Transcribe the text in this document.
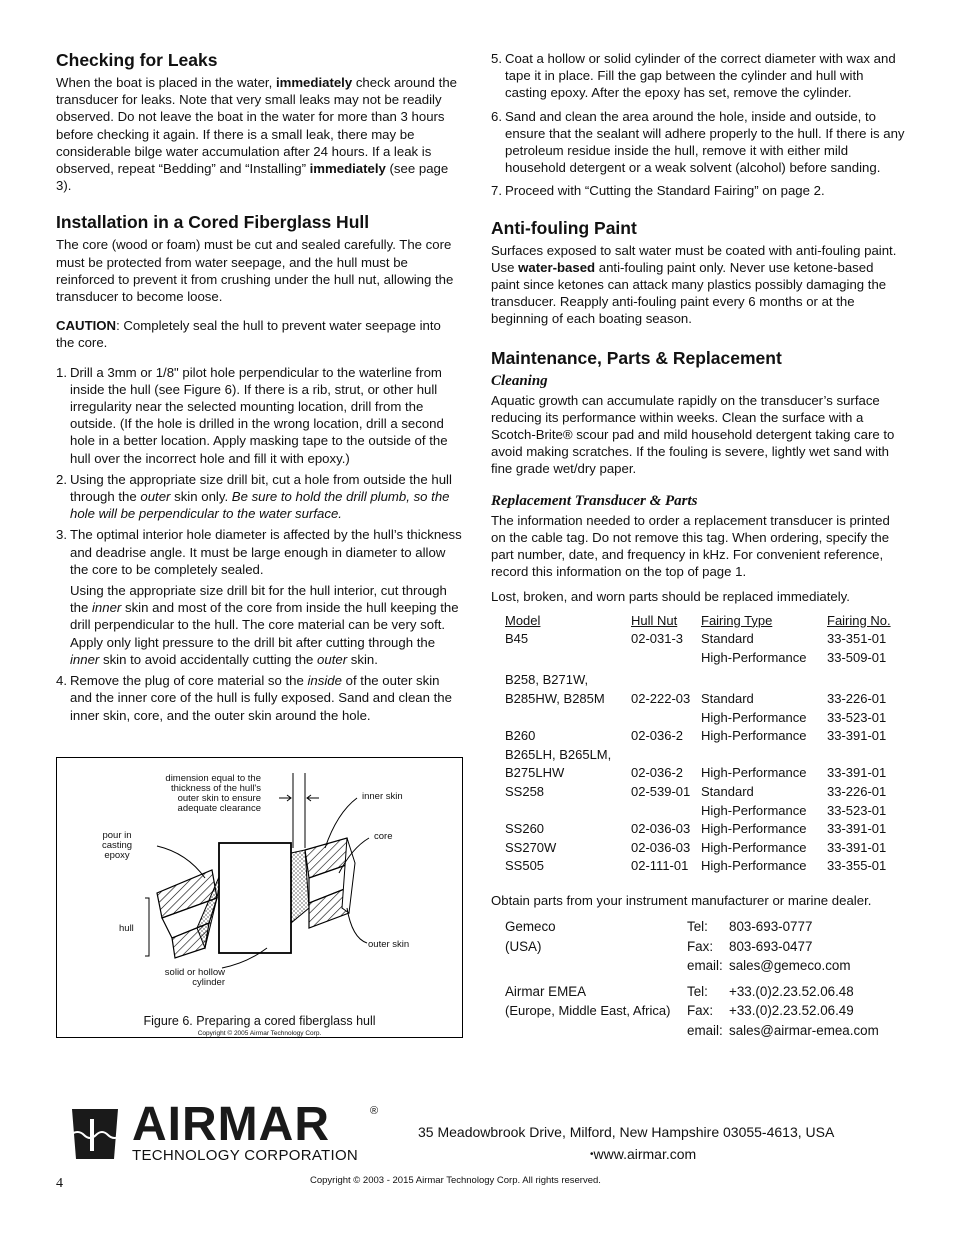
Checking for Leaks

When the boat is placed in the water, immediately check around the transducer for leaks. Note that very small leaks may not be readily observed. Do not leave the boat in the water for more than 3 hours before checking it again. If there is a small leak, there may be considerable bilge water accumulation after 24 hours. If a leak is observed, repeat “Bedding” and “Installing” immediately (see page 3).

Installation in a Cored Fiberglass Hull

The core (wood or foam) must be cut and sealed carefully. The core must be protected from water seepage, and the hull must be reinforced to prevent it from crushing under the hull nut, allowing the transducer to become loose.

CAUTION: Completely seal the hull to prevent water seepage into the core.

1. Drill a 3mm or 1/8" pilot hole perpendicular to the waterline from inside the hull (see Figure 6). If there is a rib, strut, or other hull irregularity near the selected mounting location, drill from the outside. (If the hole is drilled in the wrong location, drill a second hole in a better location. Apply masking tape to the outside of the hull over the incorrect hole and fill it with epoxy.)
2. Using the appropriate size drill bit, cut a hole from outside the hull through the outer skin only. Be sure to hold the drill plumb, so the hole will be perpendicular to the water surface.
3. The optimal interior hole diameter is affected by the hull’s thickness and deadrise angle. It must be large enough in diameter to allow the core to be completely sealed.
Using the appropriate size drill bit for the hull interior, cut through the inner skin and most of the core from inside the hull keeping the drill perpendicular to the hull. The core material can be very soft. Apply only light pressure to the drill bit after cutting through the inner skin to avoid accidentally cutting the outer skin.
4. Remove the plug of core material so the inside of the outer skin and the inner core of the hull is fully exposed. Sand and clean the inner skin, core, and the outer skin around the hole.
dimension equal to the thickness of the hull's outer skin to ensure adequate clearance
inner skin
core
pour in casting epoxy
hull
outer skin
solid or hollow cylinder
Figure 6. Preparing a cored fiberglass hull
Copyright © 2005 Airmar Technology Corp.
5. Coat a hollow or solid cylinder of the correct diameter with wax and tape it in place. Fill the gap between the cylinder and hull with casting epoxy. After the epoxy has set, remove the cylinder.
6. Sand and clean the area around the hole, inside and outside, to ensure that the sealant will adhere properly to the hull. If there is any petroleum residue inside the hull, remove it with either mild household detergent or a weak solvent (alcohol) before sanding.
7. Proceed with “Cutting the Standard Fairing” on page 2.
Anti-fouling Paint

Surfaces exposed to salt water must be coated with anti-fouling paint. Use water-based anti-fouling paint only. Never use ketone-based paint since ketones can attack many plastics possibly damaging the transducer. Reapply anti-fouling paint every 6 months or at the beginning of each boating season.

Maintenance, Parts & Replacement
Cleaning

Aquatic growth can accumulate rapidly on the transducer’s surface reducing its performance within weeks. Clean the surface with a Scotch-Brite® scour pad and mild household detergent taking care to avoid making scratches. If the fouling is severe, lightly wet sand with fine grade wet/dry paper.

Replacement Transducer & Parts

The information needed to order a replacement transducer is printed on the cable tag. Do not remove this tag. When ordering, specify the part number, date, and frequency in kHz. For convenient reference, record this information on the top of page 1.

Lost, broken, and worn parts should be replaced immediately.

Model	Hull Nut	Fairing Type	Fairing No.
B45	02-031-3	Standard	33-351-01
		High-Performance	33-509-01
B258, B271W,			
B285HW, B285M	02-222-03	Standard	33-226-01
		High-Performance	33-523-01
B260	02-036-2	High-Performance	33-391-01
B265LH, B265LM,			
B275LHW	02-036-2	High-Performance	33-391-01
SS258	02-539-01	Standard	33-226-01
		High-Performance	33-523-01
SS260	02-036-03	High-Performance	33-391-01
SS270W	02-036-03	High-Performance	33-391-01
SS505	02-111-01	High-Performance	33-355-01

Obtain parts from your instrument manufacturer or marine dealer.

Gemeco
(USA)
Tel: 803-693-0777
Fax: 803-693-0477
email: sales@gemeco.com
Airmar EMEA
(Europe, Middle East, Africa)
Tel: +33.(0)2.23.52.06.48
Fax: +33.(0)2.23.52.06.49
email: sales@airmar-emea.com
AIRMAR	®
TECHNOLOGY CORPORATION
35 Meadowbrook Drive, Milford, New Hampshire 03055-4613, USA
•www.airmar.com
4	Copyright © 2003 - 2015 Airmar Technology Corp. All rights reserved.
